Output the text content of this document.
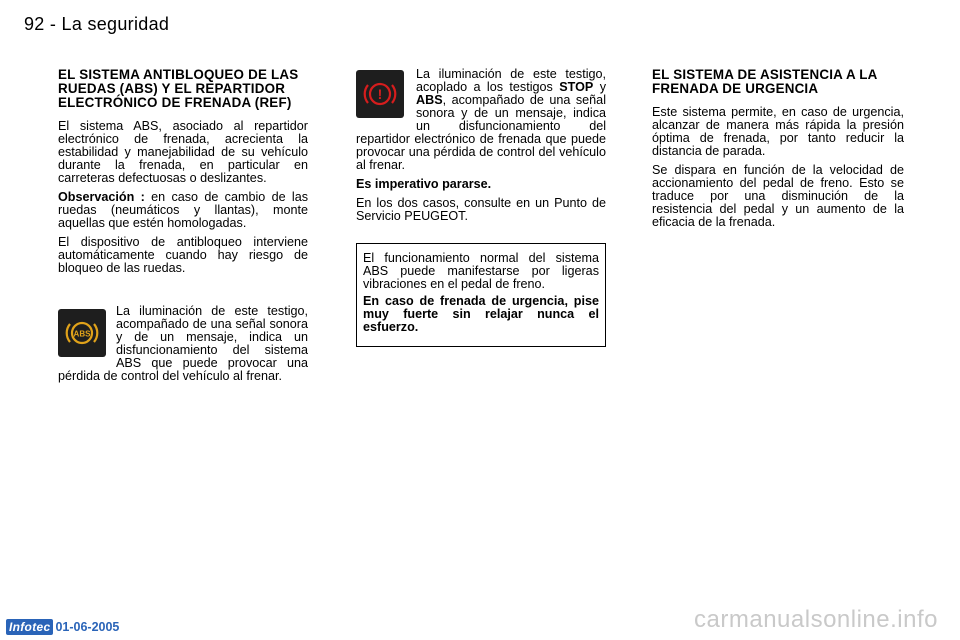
92 - La seguridad
EL SISTEMA ANTIBLOQUEO DE LAS RUEDAS (ABS) Y EL REPARTIDOR ELECTRÓNICO DE FRENADA (REF)

El sistema ABS, asociado al repartidor electrónico de frenada, acrecienta la estabilidad y manejabilidad de su vehículo durante la frenada, en particular en carreteras defectuosas o deslizantes.

Observación : en caso de cambio de las ruedas (neumáticos y llantas), monte aquellas que estén homologadas.

El dispositivo de antibloqueo interviene automáticamente cuando hay riesgo de bloqueo de las ruedas.

ABS

La iluminación de este testigo, acompañado de una señal sonora y de un mensaje, indica un disfuncionamiento del sistema ABS que puede provocar una pérdida de control del vehículo al frenar.

!

La iluminación de este testigo, acoplado a los testigos STOP y ABS, acompañado de una señal sonora y de un mensaje, indica un disfuncionamiento del repartidor electrónico de frenada que puede provocar una pérdida de control del vehículo al frenar.

Es imperativo pararse.

En los dos casos, consulte en un Punto de Servicio PEUGEOT.

El funcionamiento normal del sistema ABS puede manifestarse por ligeras vibraciones en el pedal de freno.

En caso de frenada de urgencia, pise muy fuerte sin relajar nunca el esfuerzo.

EL SISTEMA DE ASISTENCIA A LA FRENADA DE URGENCIA

Este sistema permite, en caso de urgencia, alcanzar de manera más rápida la presión óptima de frenada, por tanto reducir la distancia de parada.

Se dispara en función de la velocidad de accionamiento del pedal de freno. Esto se traduce por una disminución de la resistencia del pedal y un aumento de la eficacia de la frenada.

Infotec 01-06-2005	carmanualsonline.info
